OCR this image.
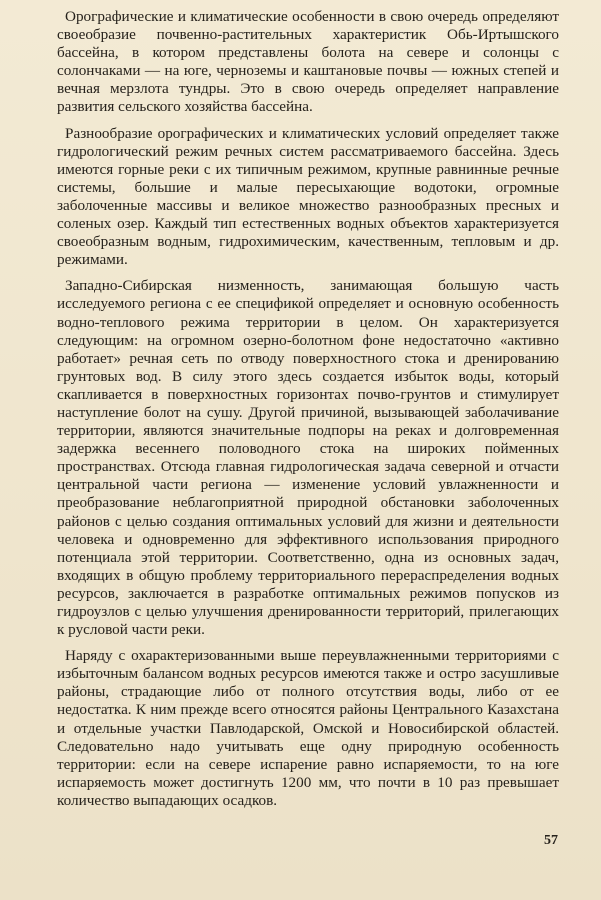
Орографические и климатические особенности в свою очередь определяют своеобразие почвенно-растительных характеристик Обь-Иртышского бассейна, в котором представлены болота на севере и солонцы с солончаками — на юге, черноземы и каштановые почвы — южных степей и вечная мерзлота тундры. Это в свою очередь определяет направление развития сельского хозяйства бассейна.

Разнообразие орографических и климатических условий определяет также гидрологический режим речных систем рассматриваемого бассейна. Здесь имеются горные реки с их типичным режимом, крупные равнинные речные системы, большие и малые пересыхающие водотоки, огромные заболоченные массивы и великое множество разнообразных пресных и соленых озер. Каждый тип естественных водных объектов характеризуется своеобразным водным, гидрохимическим, качественным, тепловым и др. режимами.

Западно-Сибирская низменность, занимающая большую часть исследуемого региона с ее спецификой определяет и основную особенность водно-теплового режима территории в целом. Он характеризуется следующим: на огромном озерно-болотном фоне недостаточно «активно работает» речная сеть по отводу поверхностного стока и дренированию грунтовых вод. В силу этого здесь создается избыток воды, который скапливается в поверхностных горизонтах почво-грунтов и стимулирует наступление болот на сушу. Другой причиной, вызывающей заболачивание территории, являются значительные подпоры на реках и долговременная задержка весеннего половодного стока на широких пойменных пространствах. Отсюда главная гидрологическая задача северной и отчасти центральной части региона — изменение условий увлажненности и преобразование неблагоприятной природной обстановки заболоченных районов с целью создания оптимальных условий для жизни и деятельности человека и одновременно для эффективного использования природного потенциала этой территории. Соответственно, одна из основных задач, входящих в общую проблему территориального перераспределения водных ресурсов, заключается в разработке оптимальных режимов попусков из гидроузлов с целью улучшения дренированности территорий, прилегающих к русловой части реки.

Наряду с охарактеризованными выше переувлажненными территориями с избыточным балансом водных ресурсов имеются также и остро засушливые районы, страдающие либо от полного отсутствия воды, либо от ее недостатка. К ним прежде всего относятся районы Центрального Казахстана и отдельные участки Павлодарской, Омской и Новосибирской областей. Следовательно надо учитывать еще одну природную особенность территории: если на севере испарение равно испаряемости, то на юге испаряемость может достигнуть 1200 мм, что почти в 10 раз превышает количество выпадающих осадков.

57
